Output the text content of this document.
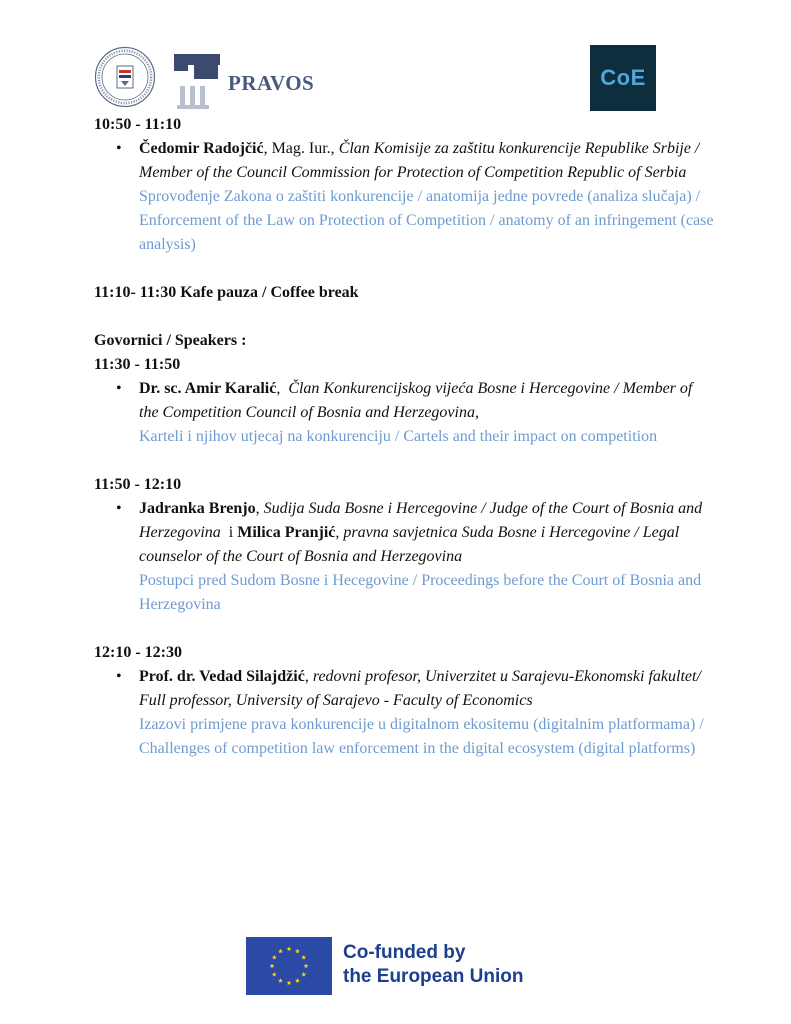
PRAVOS	CoE

10:50 - 11:10

• Čedomir Radojčić, Mag. Iur., Član Komisije za zaštitu konkurencije Republike Srbije / Member of the Council Commission for Protection of Competition Republic of Serbia
Sprovođenje Zakona o zaštiti konkurencije / anatomija jedne povrede (analiza slučaja) / Enforcement of the Law on Protection of Competition / anatomy of an infringement (case analysis)

11:10- 11:30 Kafe pauza / Coffee break

Govornici / Speakers :

11:30 - 11:50

• Dr. sc. Amir Karalić,  Član Konkurencijskog vijeća Bosne i Hercegovine / Member of the Competition Council of Bosnia and Herzegovina,
Karteli i njihov utjecaj na konkurenciju / Cartels and their impact on competition

11:50 - 12:10

• Jadranka Brenjo, Sudija Suda Bosne i Hercegovine / Judge of the Court of Bosnia and Herzegovina i Milica Pranjić, pravna savjetnica Suda Bosne i Hercegovine / Legal counselor of the Court of Bosnia and Herzegovina
Postupci pred Sudom Bosne i Hecegovine / Proceedings before the Court of Bosnia and Herzegovina

12:10 - 12:30

• Prof. dr. Vedad Silajdžić, redovni profesor, Univerzitet u Sarajevu-Ekonomski fakultet/ Full professor, University of Sarajevo - Faculty of Economics
Izazovi primjene prava konkurencije u digitalnom ekositemu (digitalnim platformama) / Challenges of competition law enforcement in the digital ecosystem (digital platforms)
Co-funded by
the European Union
